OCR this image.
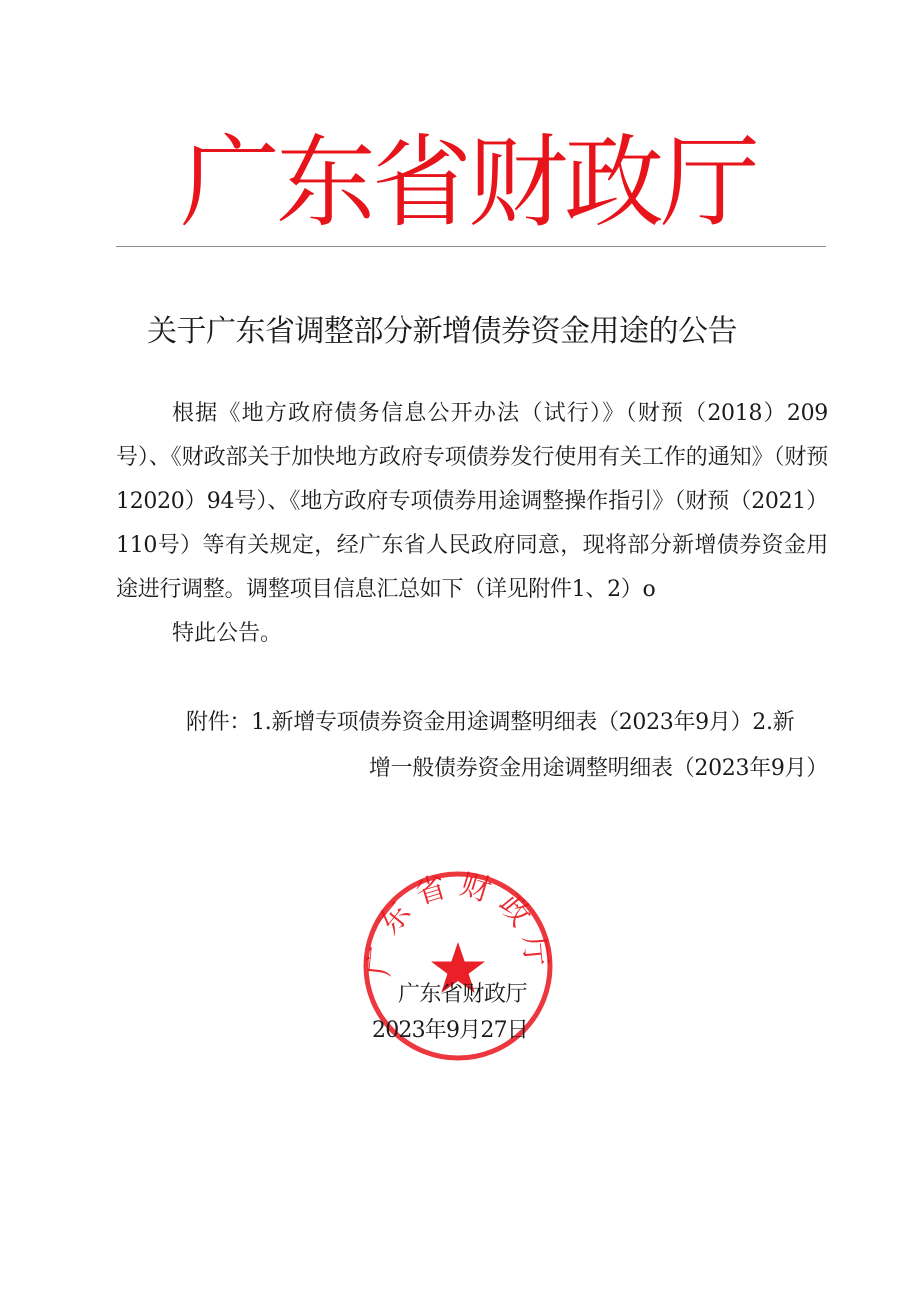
广东省财政厅
关于广东省调整部分新增债券资金用途的公告
根据《地方政府债务信息公开办法（试行）》（财预（2018）209号）、《财政部关于加快地方政府专项债券发行使用有关工作的通知》（财预12020）94号）、《地方政府专项债券用途调整操作指引》（财预（2021）110号）等有关规定，经广东省人民政府同意，现将部分新增债券资金用途进行调整。调整项目信息汇总如下（详见附件1、2）o
特此公告。
附件：1.新增专项债券资金用途调整明细表（2023年9月）2.新
增一般债券资金用途调整明细表（2023年9月）
广东省财政厅
广东省财政厅
2023年9月27日
